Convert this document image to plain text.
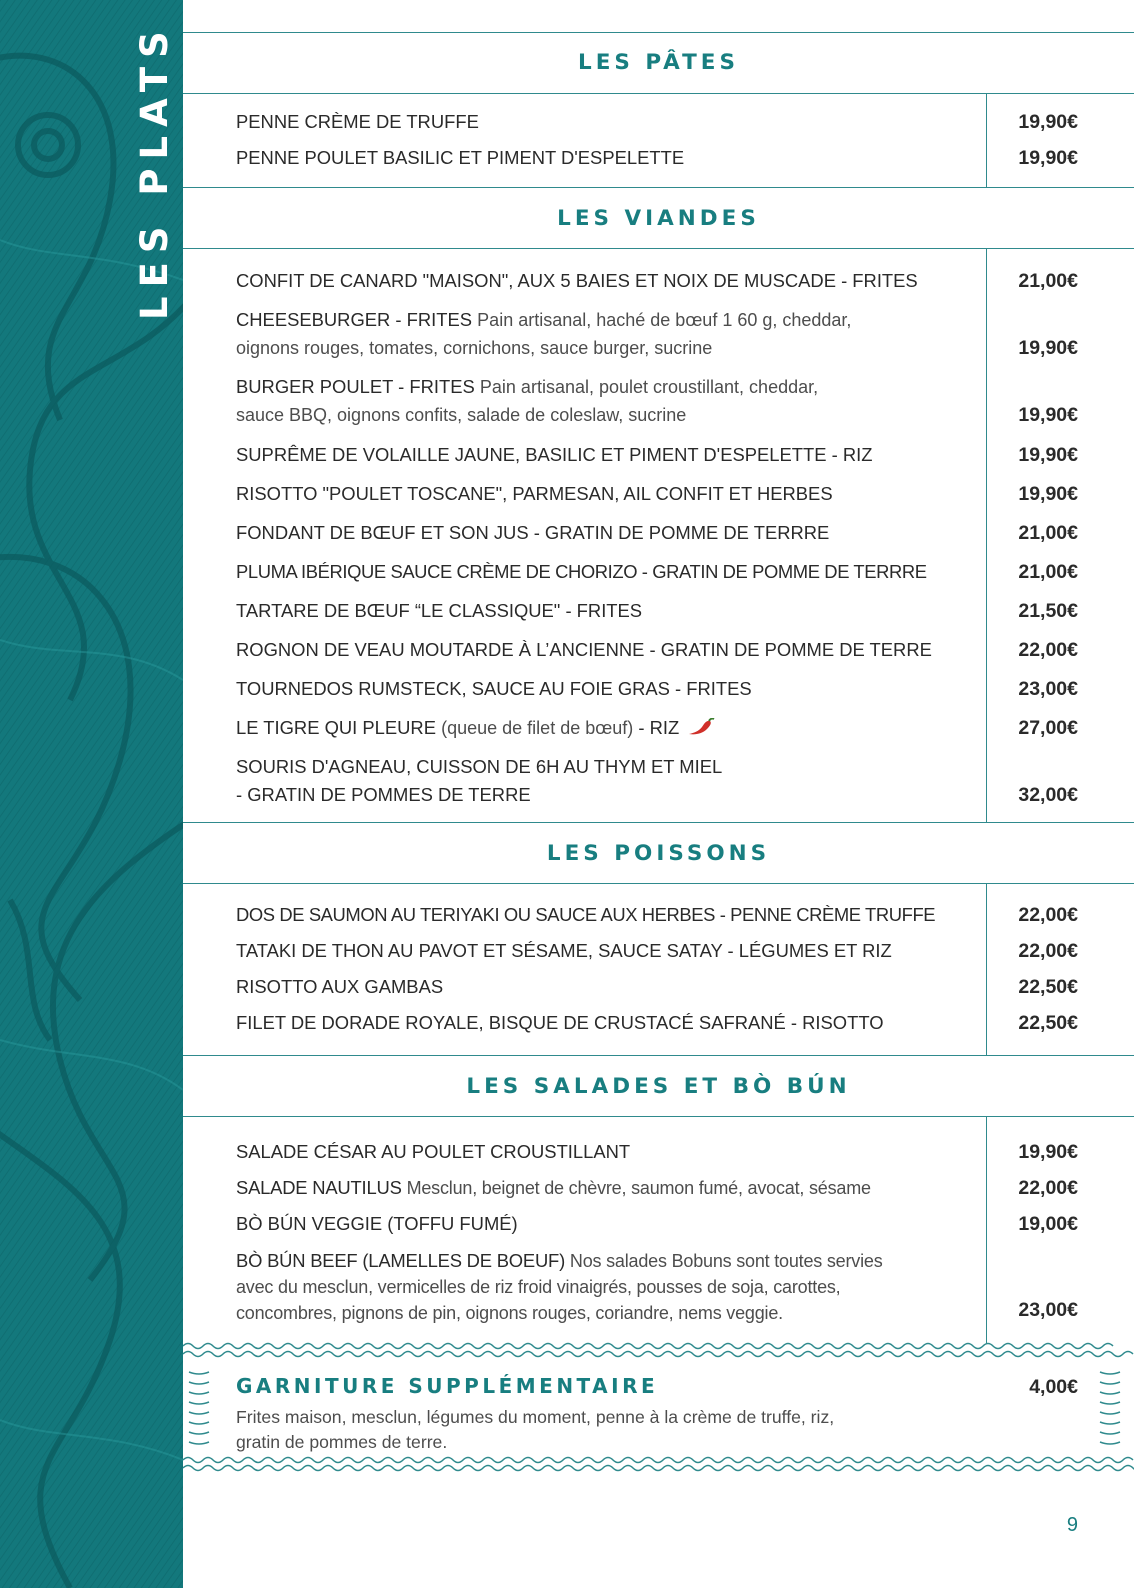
LES PLATS	LES PÂTES
PENNE CRÈME DE TRUFFE	19,90€
PENNE POULET BASILIC ET PIMENT D'ESPELETTE	19,90€
LES VIANDES
CONFIT DE CANARD "MAISON", AUX 5 BAIES ET NOIX DE MUSCADE - FRITES	21,00€
CHEESEBURGER - FRITES Pain artisanal, haché de bœuf 1 60 g, cheddar,
oignons rouges, tomates, cornichons, sauce burger, sucrine	19,90€
BURGER POULET - FRITES Pain artisanal, poulet croustillant, cheddar,
sauce BBQ, oignons confits, salade de coleslaw, sucrine	19,90€
SUPRÊME DE VOLAILLE JAUNE, BASILIC ET PIMENT D'ESPELETTE - RIZ	19,90€
RISOTTO "POULET TOSCANE", PARMESAN, AIL CONFIT ET HERBES	19,90€
FONDANT DE BŒUF ET SON JUS - GRATIN DE POMME DE TERRRE	21,00€
PLUMA IBÉRIQUE SAUCE CRÈME DE CHORIZO - GRATIN DE POMME DE TERRRE	21,00€
TARTARE DE BŒUF “LE CLASSIQUE" - FRITES	21,50€
ROGNON DE VEAU MOUTARDE À L’ANCIENNE - GRATIN DE POMME DE TERRE	22,00€
TOURNEDOS RUMSTECK, SAUCE AU FOIE GRAS - FRITES	23,00€
LE TIGRE QUI PLEURE (queue de filet de bœuf) - RIZ	27,00€
SOURIS D'AGNEAU, CUISSON DE 6H AU THYM ET MIEL
- GRATIN DE POMMES DE TERRE	32,00€
LES POISSONS
DOS DE SAUMON AU TERIYAKI OU SAUCE AUX HERBES - PENNE CRÈME TRUFFE	22,00€
TATAKI DE THON AU PAVOT ET SÉSAME, SAUCE SATAY - LÉGUMES ET RIZ	22,00€
RISOTTO AUX GAMBAS	22,50€
FILET DE DORADE ROYALE, BISQUE DE CRUSTACÉ SAFRANÉ - RISOTTO	22,50€
LES SALADES ET BÒ BÚN
SALADE CÉSAR AU POULET CROUSTILLANT	19,90€
SALADE NAUTILUS Mesclun, beignet de chèvre, saumon fumé, avocat, sésame	22,00€
BÒ BÚN VEGGIE (TOFFU FUMÉ)	19,00€
BÒ BÚN BEEF (LAMELLES DE BOEUF) Nos salades Bobuns sont toutes servies
avec du mesclun, vermicelles de riz froid vinaigrés, pousses de soja, carottes,
concombres, pignons de pin, oignons rouges, coriandre, nems veggie.	23,00€
GARNITURE SUPPLÉMENTAIRE	4,00€
Frites maison, mesclun, légumes du moment, penne à la crème de truffe, riz,
gratin de pommes de terre.
9
